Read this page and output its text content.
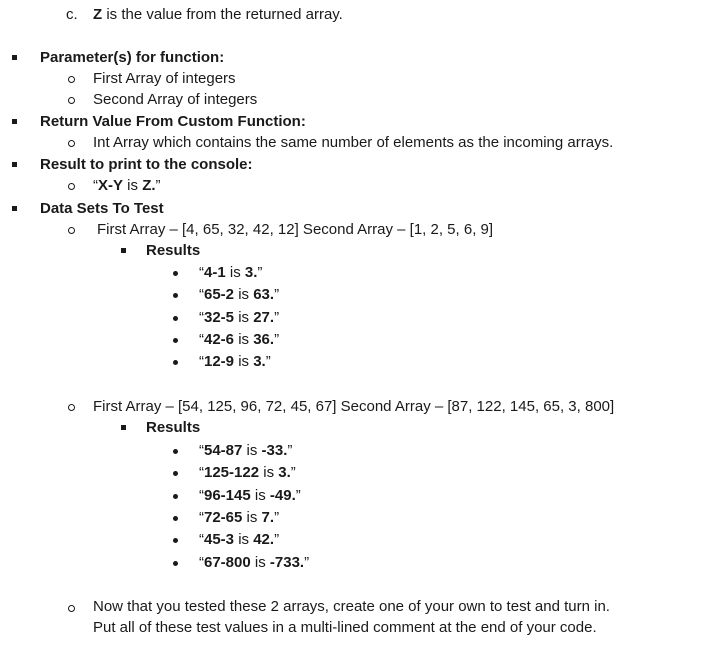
c. Z is the value from the returned array.
Parameter(s) for function:
First Array of integers
Second Array of integers
Return Value From Custom Function:
Int Array which contains the same number of elements as the incoming arrays.
Result to print to the console:
“X-Y is Z.”
Data Sets To Test
First Array – [4, 65, 32, 42, 12] Second Array – [1, 2, 5, 6, 9]
Results
“4-1 is 3.”
“65-2 is 63.”
“32-5 is 27.”
“42-6 is 36.”
“12-9 is 3.”
First Array – [54, 125, 96, 72, 45, 67] Second Array – [87, 122, 145, 65, 3, 800]
Results
“54-87 is -33.”
“125-122 is 3.”
“96-145 is -49.”
“72-65 is 7.”
“45-3 is 42.”
“67-800 is -733.”
Now that you tested these 2 arrays, create one of your own to test and turn in.
Put all of these test values in a multi-lined comment at the end of your code.
